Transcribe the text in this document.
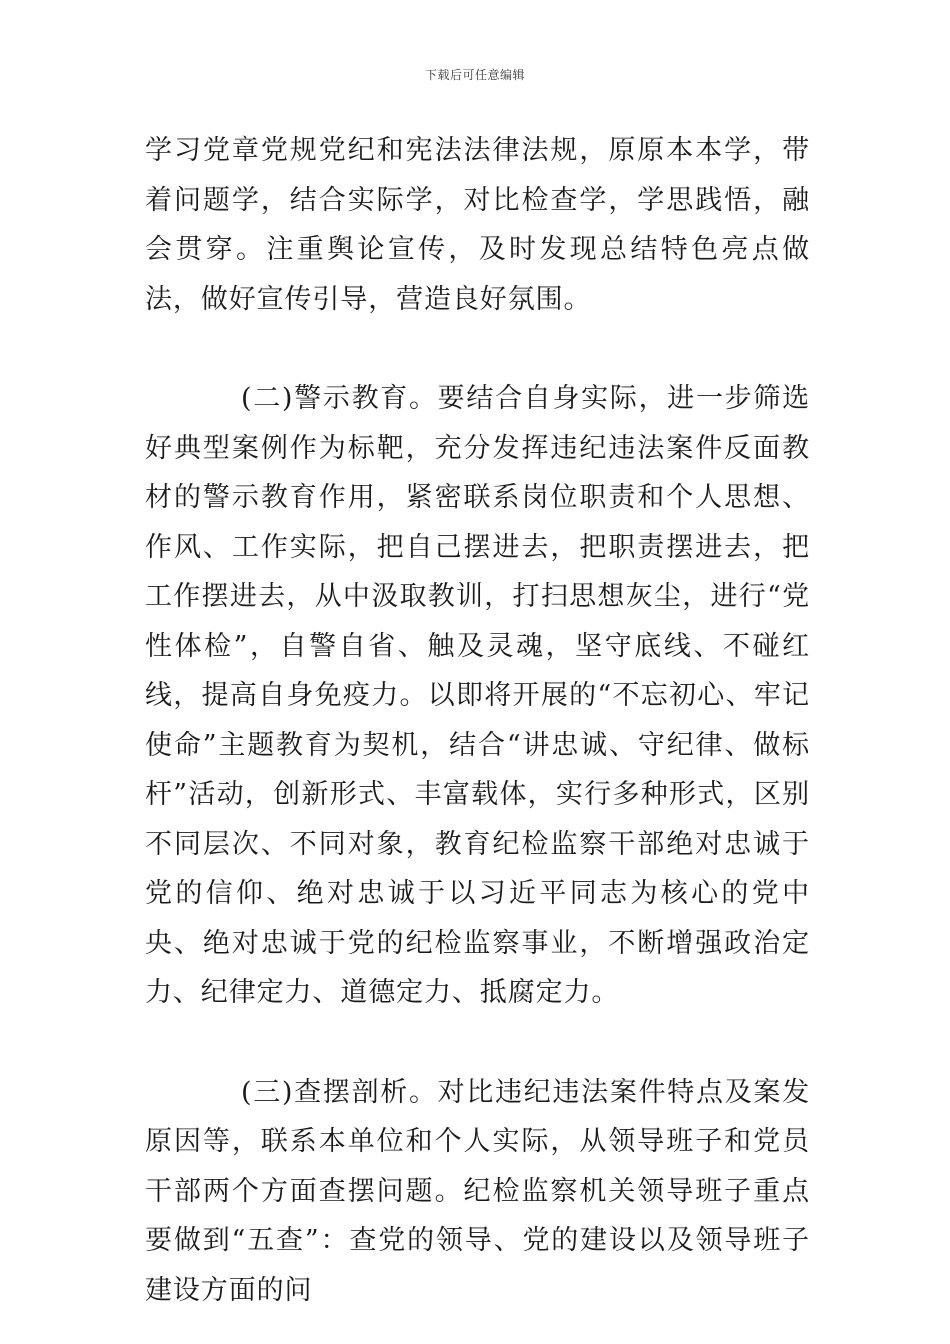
下载后可任意编辑

学习党章党规党纪和宪法法律法规，原原本本学，带着问题学，结合实际学，对比检查学，学思践悟，融会贯穿。注重舆论宣传，及时发现总结特色亮点做法，做好宣传引导，营造良好氛围。

(二)警示教育。要结合自身实际，进一步筛选好典型案例作为标靶，充分发挥违纪违法案件反面教材的警示教育作用，紧密联系岗位职责和个人思想、作风、工作实际，把自己摆进去，把职责摆进去，把工作摆进去，从中汲取教训，打扫思想灰尘，进行“党性体检”，自警自省、触及灵魂，坚守底线、不碰红线，提高自身免疫力。以即将开展的“不忘初心、牢记使命”主题教育为契机，结合“讲忠诚、守纪律、做标杆”活动，创新形式、丰富载体，实行多种形式，区别不同层次、不同对象，教育纪检监察干部绝对忠诚于党的信仰、绝对忠诚于以习近平同志为核心的党中央、绝对忠诚于党的纪检监察事业，不断增强政治定力、纪律定力、道德定力、抵腐定力。

(三)查摆剖析。对比违纪违法案件特点及案发原因等，联系本单位和个人实际，从领导班子和党员干部两个方面查摆问题。纪检监察机关领导班子重点要做到“五查”：查党的领导、党的建设以及领导班子建设方面的问
